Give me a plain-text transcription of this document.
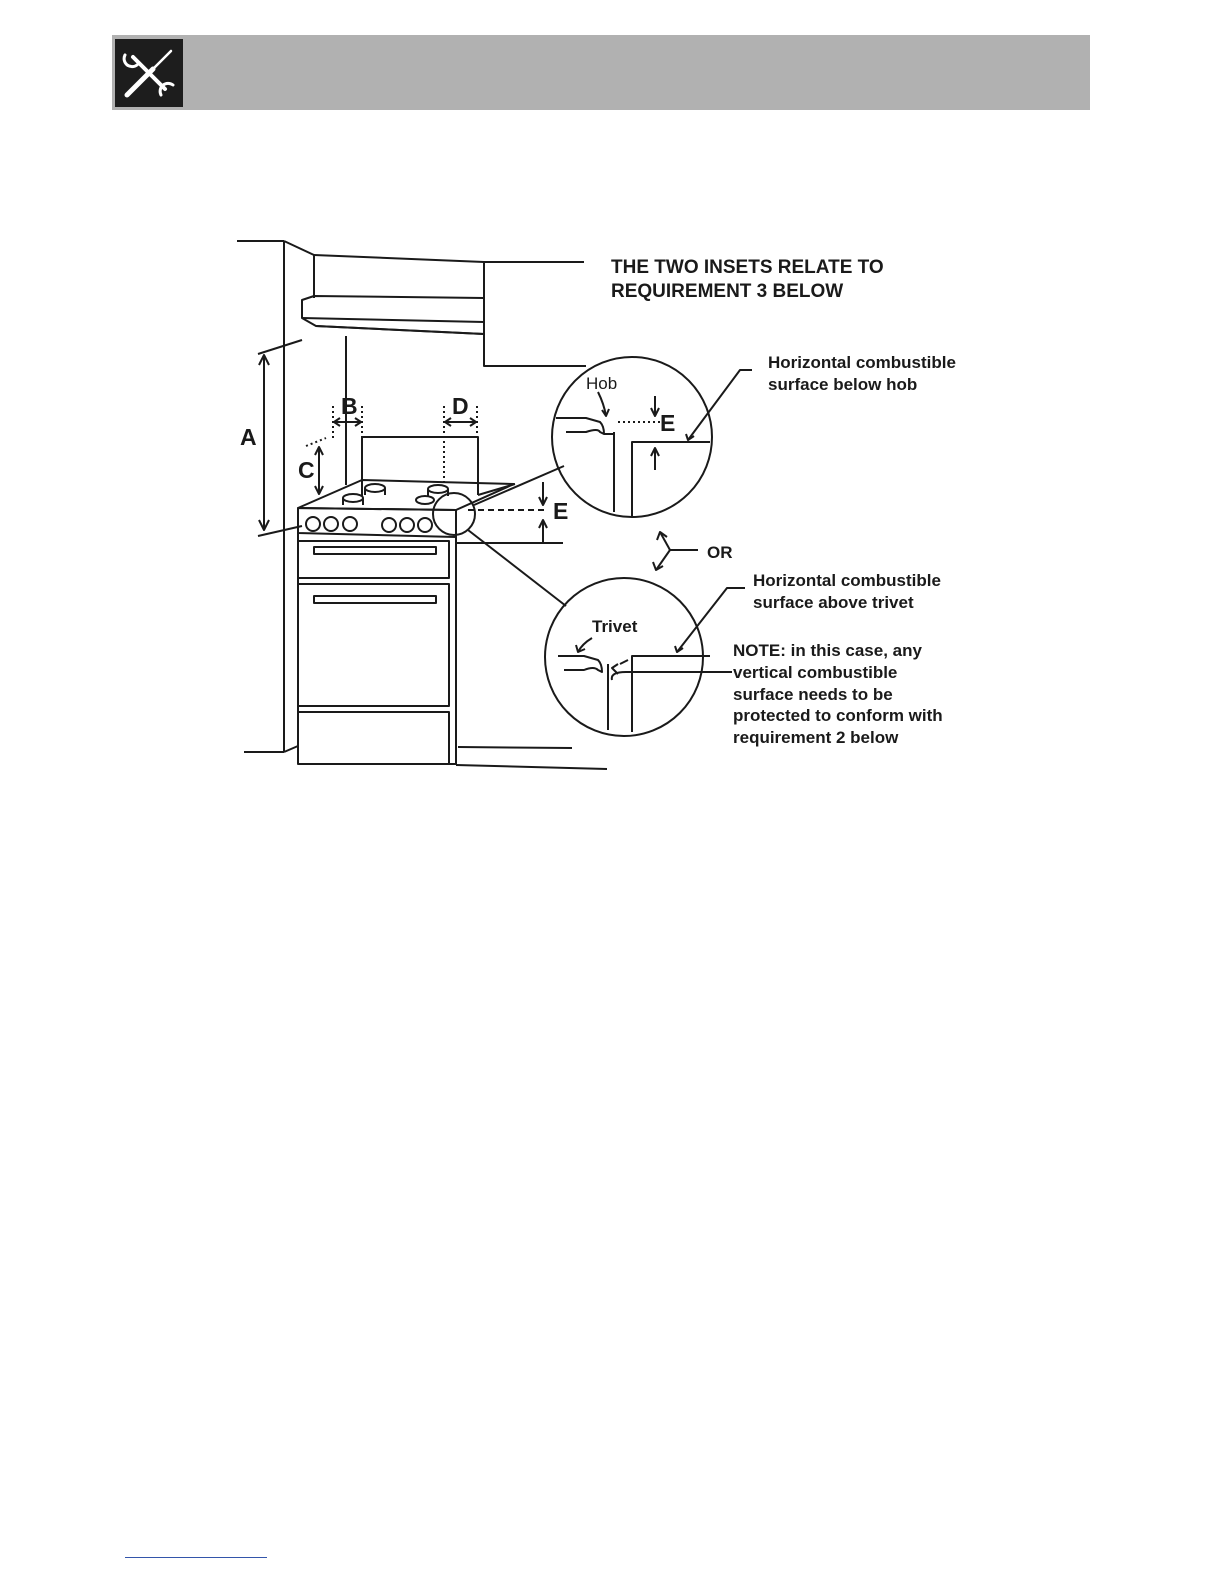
THE TWO INSETS RELATE TO
REQUIREMENT 3 BELOW
A
B
C
D
E
Hob
E
Horizontal combustible
surface below hob
OR
Horizontal combustible
surface above trivet
Trivet
NOTE: in this case, any
vertical combustible
surface needs to be
protected to conform with
requirement 2 below
